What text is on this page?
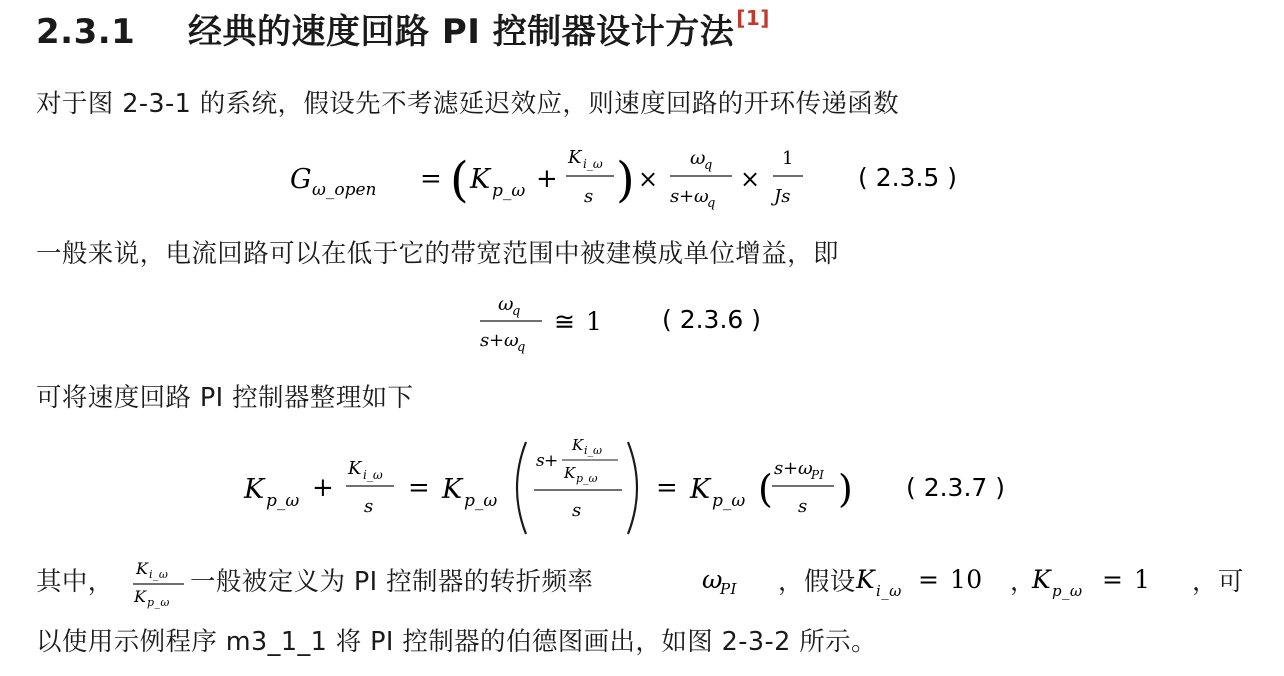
2.3.1 经典的速度回路 PI 控制器设计方法 [1]
对于图 2-3-1 的系统，假设先不考滤延迟效应，则速度回路的开环传递函数
G ω_open = ( K p_ω +
K i_ω
s ) ×
ω
q
s + ω
q
×
1
Js
( 2.3.5 )
一般来说，电流回路可以在低于它的带宽范围中被建模成单位增益，即
ω
q
s + ω
q
≅ 1 ( 2.3.6 )
可将速度回路 PI 控制器整理如下
K p_ω +
K i_ω
s
= K p_ω
s +
K i_ω
K p_ω
s
= K p_ω ( s + ω
PI
s ) ( 2.3.7 )
其中， K i_ω
K p_ω
一般被定义为 PI 控制器的转折频率	ω
PI ，假设 K i_ω = 10 ，
K p_ω = 1 ，可
以使用示例程序 m3_1_1 将 PI 控制器的伯德图画出，如图 2-3-2 所示。
